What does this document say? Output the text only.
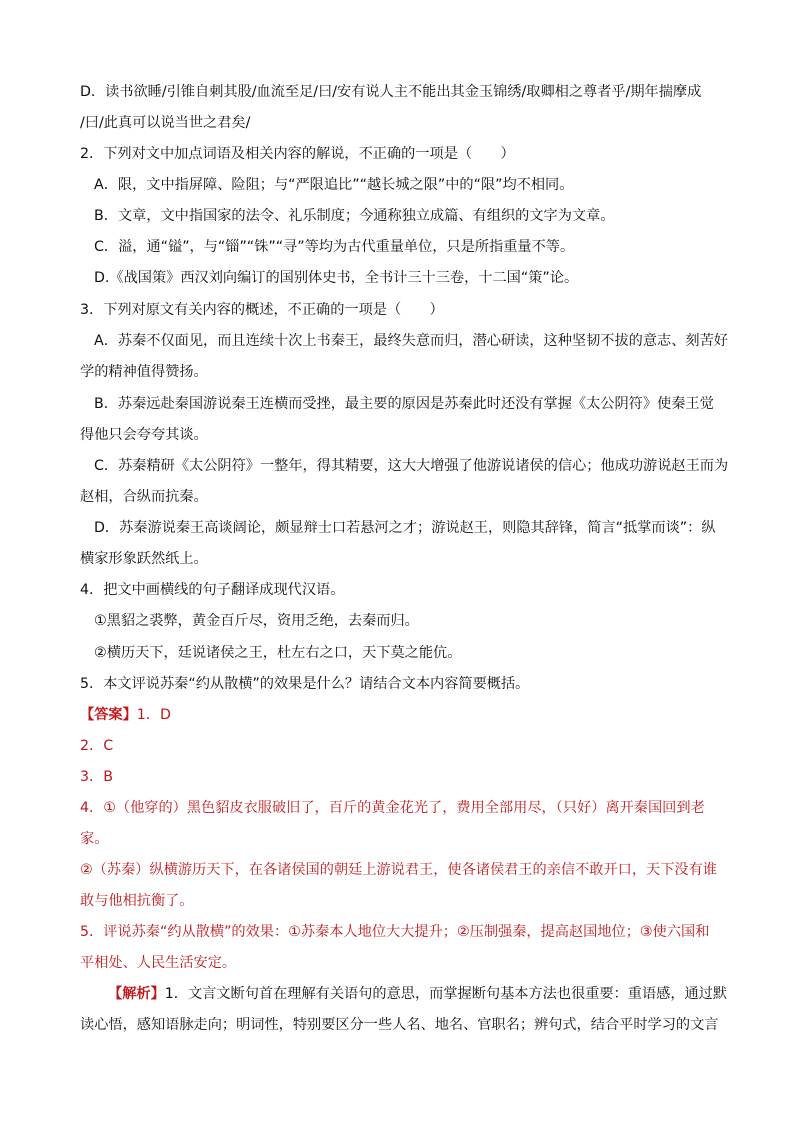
D．读书欲睡/引锥自刺其股/血流至足/曰/安有说人主不能出其金玉锦绣/取卿相之尊者乎/期年揣摩成
/曰/此真可以说当世之君矣/
2．下列对文中加点词语及相关内容的解说，不正确的一项是（　　）
A．限，文中指屏障、险阻；与“严限追比”“越长城之限”中的“限”均不相同。
B．文章，文中指国家的法令、礼乐制度；今通称独立成篇、有组织的文字为文章。
C．溢，通“镒”，与“锱”“铢”“寻”等均为古代重量单位，只是所指重量不等。
D.《战国策》西汉刘向编订的国别体史书，全书计三十三卷，十二国“策”论。
3．下列对原文有关内容的概述，不正确的一项是（　　）
A．苏秦不仅面见，而且连续十次上书秦王，最终失意而归，潜心研读，这种坚韧不拔的意志、刻苦好
学的精神值得赞扬。
B．苏秦远赴秦国游说秦王连横而受挫，最主要的原因是苏秦此时还没有掌握《太公阴符》使秦王觉
得他只会夸夸其谈。
C．苏秦精研《太公阴符》一整年，得其精要，这大大增强了他游说诸侯的信心；他成功游说赵王而为
赵相，合纵而抗秦。
D．苏秦游说秦王高谈阔论，颇显辩士口若悬河之才；游说赵王，则隐其辞锋，简言“抵掌而谈”：纵
横家形象跃然纸上。
4．把文中画横线的句子翻译成现代汉语。
①黑貂之裘弊，黄金百斤尽，资用乏绝，去秦而归。
②横历天下，廷说诸侯之王，杜左右之口，天下莫之能伉。
5．本文评说苏秦“约从散横”的效果是什么？请结合文本内容简要概括。
【答案】1．D
2．C
3．B
4．①（他穿的）黑色貂皮衣服破旧了，百斤的黄金花光了，费用全部用尽，（只好）离开秦国回到老
家。
②（苏秦）纵横游历天下，在各诸侯国的朝廷上游说君王，使各诸侯君王的亲信不敢开口，天下没有谁
敢与他相抗衡了。
5．评说苏秦“约从散横”的效果：①苏秦本人地位大大提升；②压制强秦，提高赵国地位；③使六国和
平相处、人民生活安定。
【解析】1．文言文断句首在理解有关语句的意思，而掌握断句基本方法也很重要：重语感，通过默
读心悟，感知语脉走向；明词性，特别要区分一些人名、地名、官职名；辨句式，结合平时学习的文言
